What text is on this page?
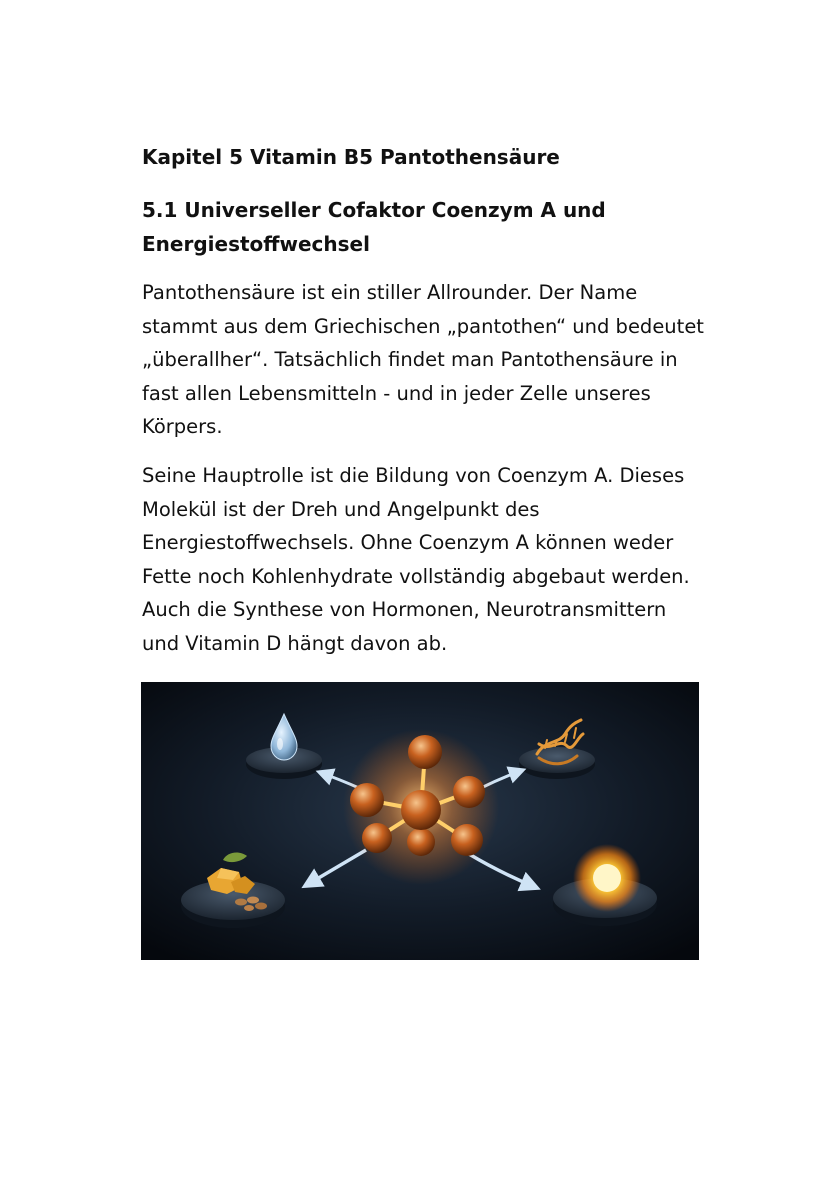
Kapitel 5 Vitamin B5 Pantothensäure
5.1 Universeller Cofaktor Coenzym A und Energiestoffwechsel

Pantothensäure ist ein stiller Allrounder. Der Name stammt aus dem Griechischen „pantothen“ und bedeutet „überallher“. Tatsächlich findet man Pantothensäure in fast allen Lebensmitteln - und in jeder Zelle unseres Körpers.

Seine Hauptrolle ist die Bildung von Coenzym A. Dieses Molekül ist der Dreh und Angelpunkt des Energiestoffwechsels. Ohne Coenzym A können weder Fette noch Kohlenhydrate vollständig abgebaut werden. Auch die Synthese von Hormonen, Neurotransmittern und Vitamin D hängt davon ab.
